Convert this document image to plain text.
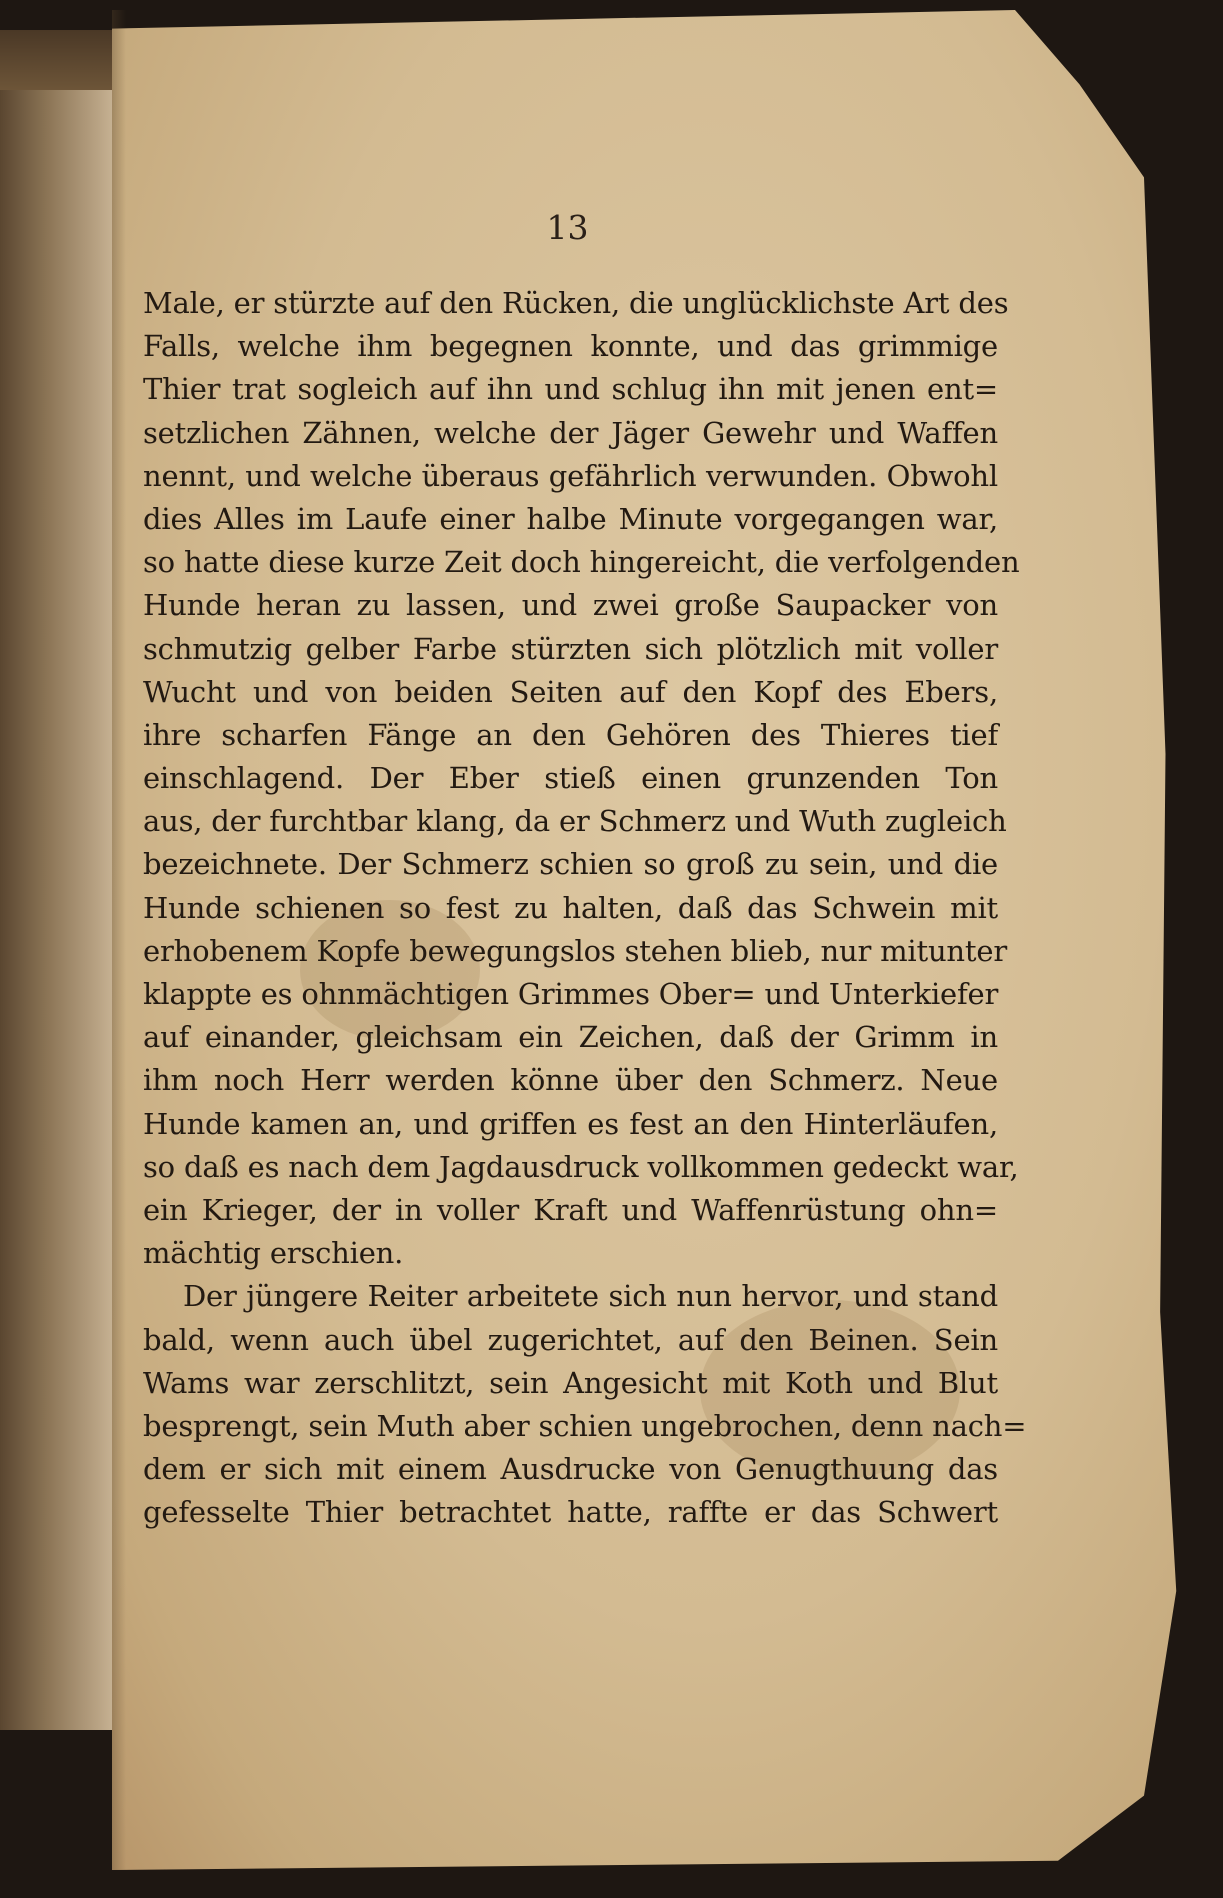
13
Male, er stürzte auf den Rücken, die unglücklichste Art des
Falls, welche ihm begegnen konnte, und das grimmige
Thier trat sogleich auf ihn und schlug ihn mit jenen ent=
setzlichen Zähnen, welche der Jäger Gewehr und Waffen
nennt, und welche überaus gefährlich verwunden. Obwohl
dies Alles im Laufe einer halbe Minute vorgegangen war,
so hatte diese kurze Zeit doch hingereicht, die verfolgenden
Hunde heran zu lassen, und zwei große Saupacker von
schmutzig gelber Farbe stürzten sich plötzlich mit voller
Wucht und von beiden Seiten auf den Kopf des Ebers,
ihre scharfen Fänge an den Gehören des Thieres tief
einschlagend. Der Eber stieß einen grunzenden Ton
aus, der furchtbar klang, da er Schmerz und Wuth zugleich
bezeichnete. Der Schmerz schien so groß zu sein, und die
Hunde schienen so fest zu halten, daß das Schwein mit
erhobenem Kopfe bewegungslos stehen blieb, nur mitunter
klappte es ohnmächtigen Grimmes Ober= und Unterkiefer
auf einander, gleichsam ein Zeichen, daß der Grimm in
ihm noch Herr werden könne über den Schmerz. Neue
Hunde kamen an, und griffen es fest an den Hinterläufen,
so daß es nach dem Jagdausdruck vollkommen gedeckt war,
ein Krieger, der in voller Kraft und Waffenrüstung ohn=
mächtig erschien.
Der jüngere Reiter arbeitete sich nun hervor, und stand
bald, wenn auch übel zugerichtet, auf den Beinen. Sein
Wams war zerschlitzt, sein Angesicht mit Koth und Blut
besprengt, sein Muth aber schien ungebrochen, denn nach=
dem er sich mit einem Ausdrucke von Genugthuung das
gefesselte Thier betrachtet hatte, raffte er das Schwert
